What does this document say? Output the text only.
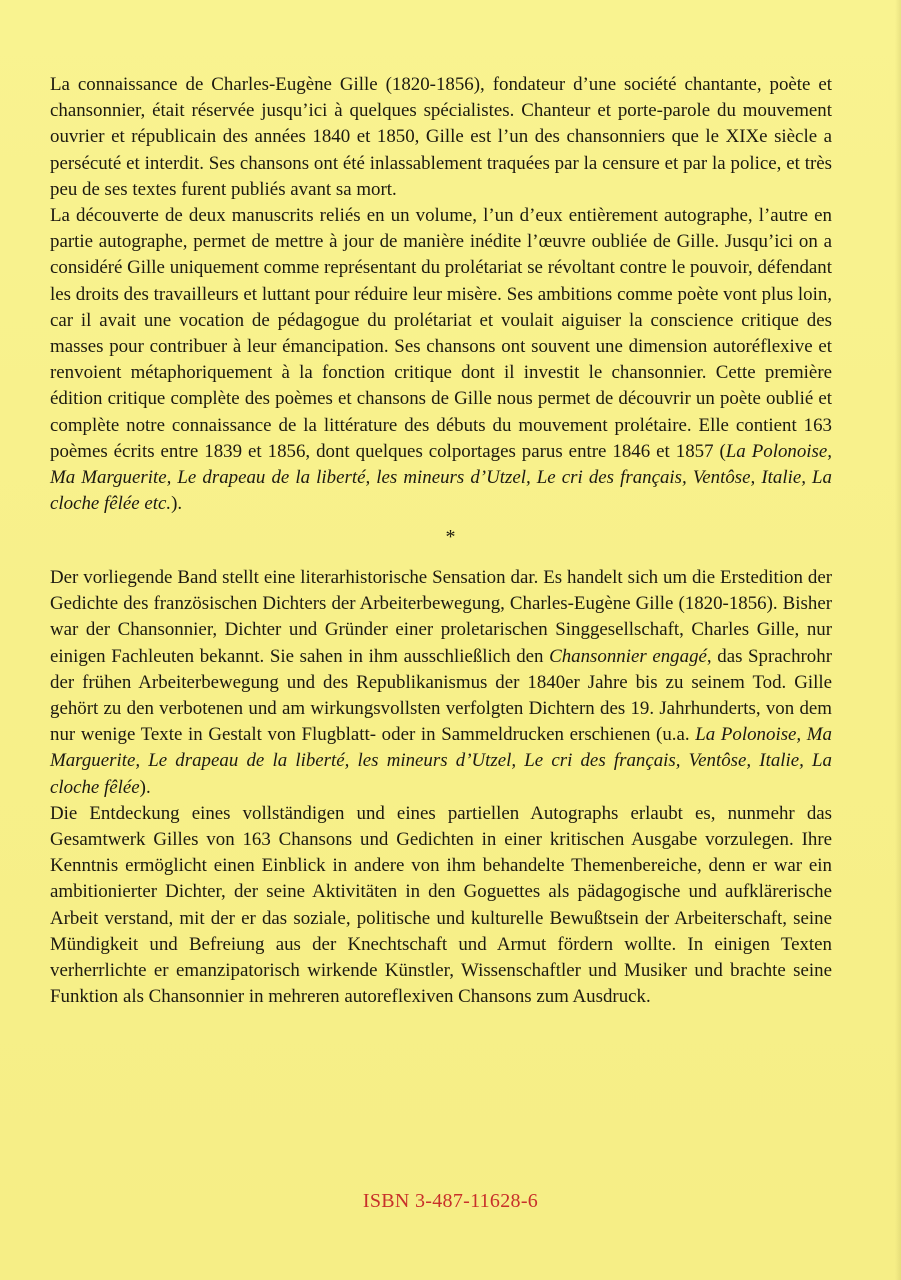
La connaissance de Charles-Eugène Gille (1820-1856), fondateur d’une société chantante, poète et chansonnier, était réservée jusqu’ici à quelques spécialistes. Chanteur et porte-parole du mouvement ouvrier et républicain des années 1840 et 1850, Gille est l’un des chansonniers que le XIXe siècle a persécuté et interdit. Ses chansons ont été inlassablement traquées par la censure et par la police, et très peu de ses textes furent publiés avant sa mort.

La découverte de deux manuscrits reliés en un volume, l’un d’eux entièrement autographe, l’autre en partie autographe, permet de mettre à jour de manière inédite l’œuvre oubliée de Gille. Jusqu’ici on a considéré Gille uniquement comme représentant du prolétariat se révoltant contre le pouvoir, défendant les droits des travailleurs et luttant pour réduire leur misère. Ses ambitions comme poète vont plus loin, car il avait une vocation de pédagogue du prolétariat et voulait aiguiser la conscience critique des masses pour contribuer à leur émancipation. Ses chansons ont souvent une dimension autoréflexive et renvoient métaphoriquement à la fonction critique dont il investit le chansonnier. Cette première édition critique complète des poèmes et chansons de Gille nous permet de découvrir un poète oublié et complète notre connaissance de la littérature des débuts du mouvement prolétaire. Elle contient 163 poèmes écrits entre 1839 et 1856, dont quelques colportages parus entre 1846 et 1857 (La Polonoise, Ma Marguerite, Le drapeau de la liberté, les mineurs d’Utzel, Le cri des français, Ventôse, Italie, La cloche fêlée etc.).

*

Der vorliegende Band stellt eine literarhistorische Sensation dar. Es handelt sich um die Erstedition der Gedichte des französischen Dichters der Arbeiterbewegung, Charles-Eugène Gille (1820-1856). Bisher war der Chansonnier, Dichter und Gründer einer proletarischen Singgesellschaft, Charles Gille, nur einigen Fachleuten bekannt. Sie sahen in ihm ausschließlich den Chansonnier engagé, das Sprachrohr der frühen Arbeiterbewegung und des Republikanismus der 1840er Jahre bis zu seinem Tod. Gille gehört zu den verbotenen und am wirkungsvollsten verfolgten Dichtern des 19. Jahrhunderts, von dem nur wenige Texte in Gestalt von Flugblatt- oder in Sammeldrucken erschienen (u.a. La Polonoise, Ma Marguerite, Le drapeau de la liberté, les mineurs d’Utzel, Le cri des français, Ventôse, Italie, La cloche fêlée).

Die Entdeckung eines vollständigen und eines partiellen Autographs erlaubt es, nunmehr das Gesamtwerk Gilles von 163 Chansons und Gedichten in einer kritischen Ausgabe vorzulegen. Ihre Kenntnis ermöglicht einen Einblick in andere von ihm behandelte Themenbereiche, denn er war ein ambitionierter Dichter, der seine Aktivitäten in den Goguettes als pädagogische und aufklärerische Arbeit verstand, mit der er das soziale, politische und kulturelle Bewußtsein der Arbeiterschaft, seine Mündigkeit und Befreiung aus der Knechtschaft und Armut fördern wollte. In einigen Texten verherrlichte er emanzipatorisch wirkende Künstler, Wissenschaftler und Musiker und brachte seine Funktion als Chansonnier in mehreren autoreflexiven Chansons zum Ausdruck.

ISBN 3-487-11628-6
